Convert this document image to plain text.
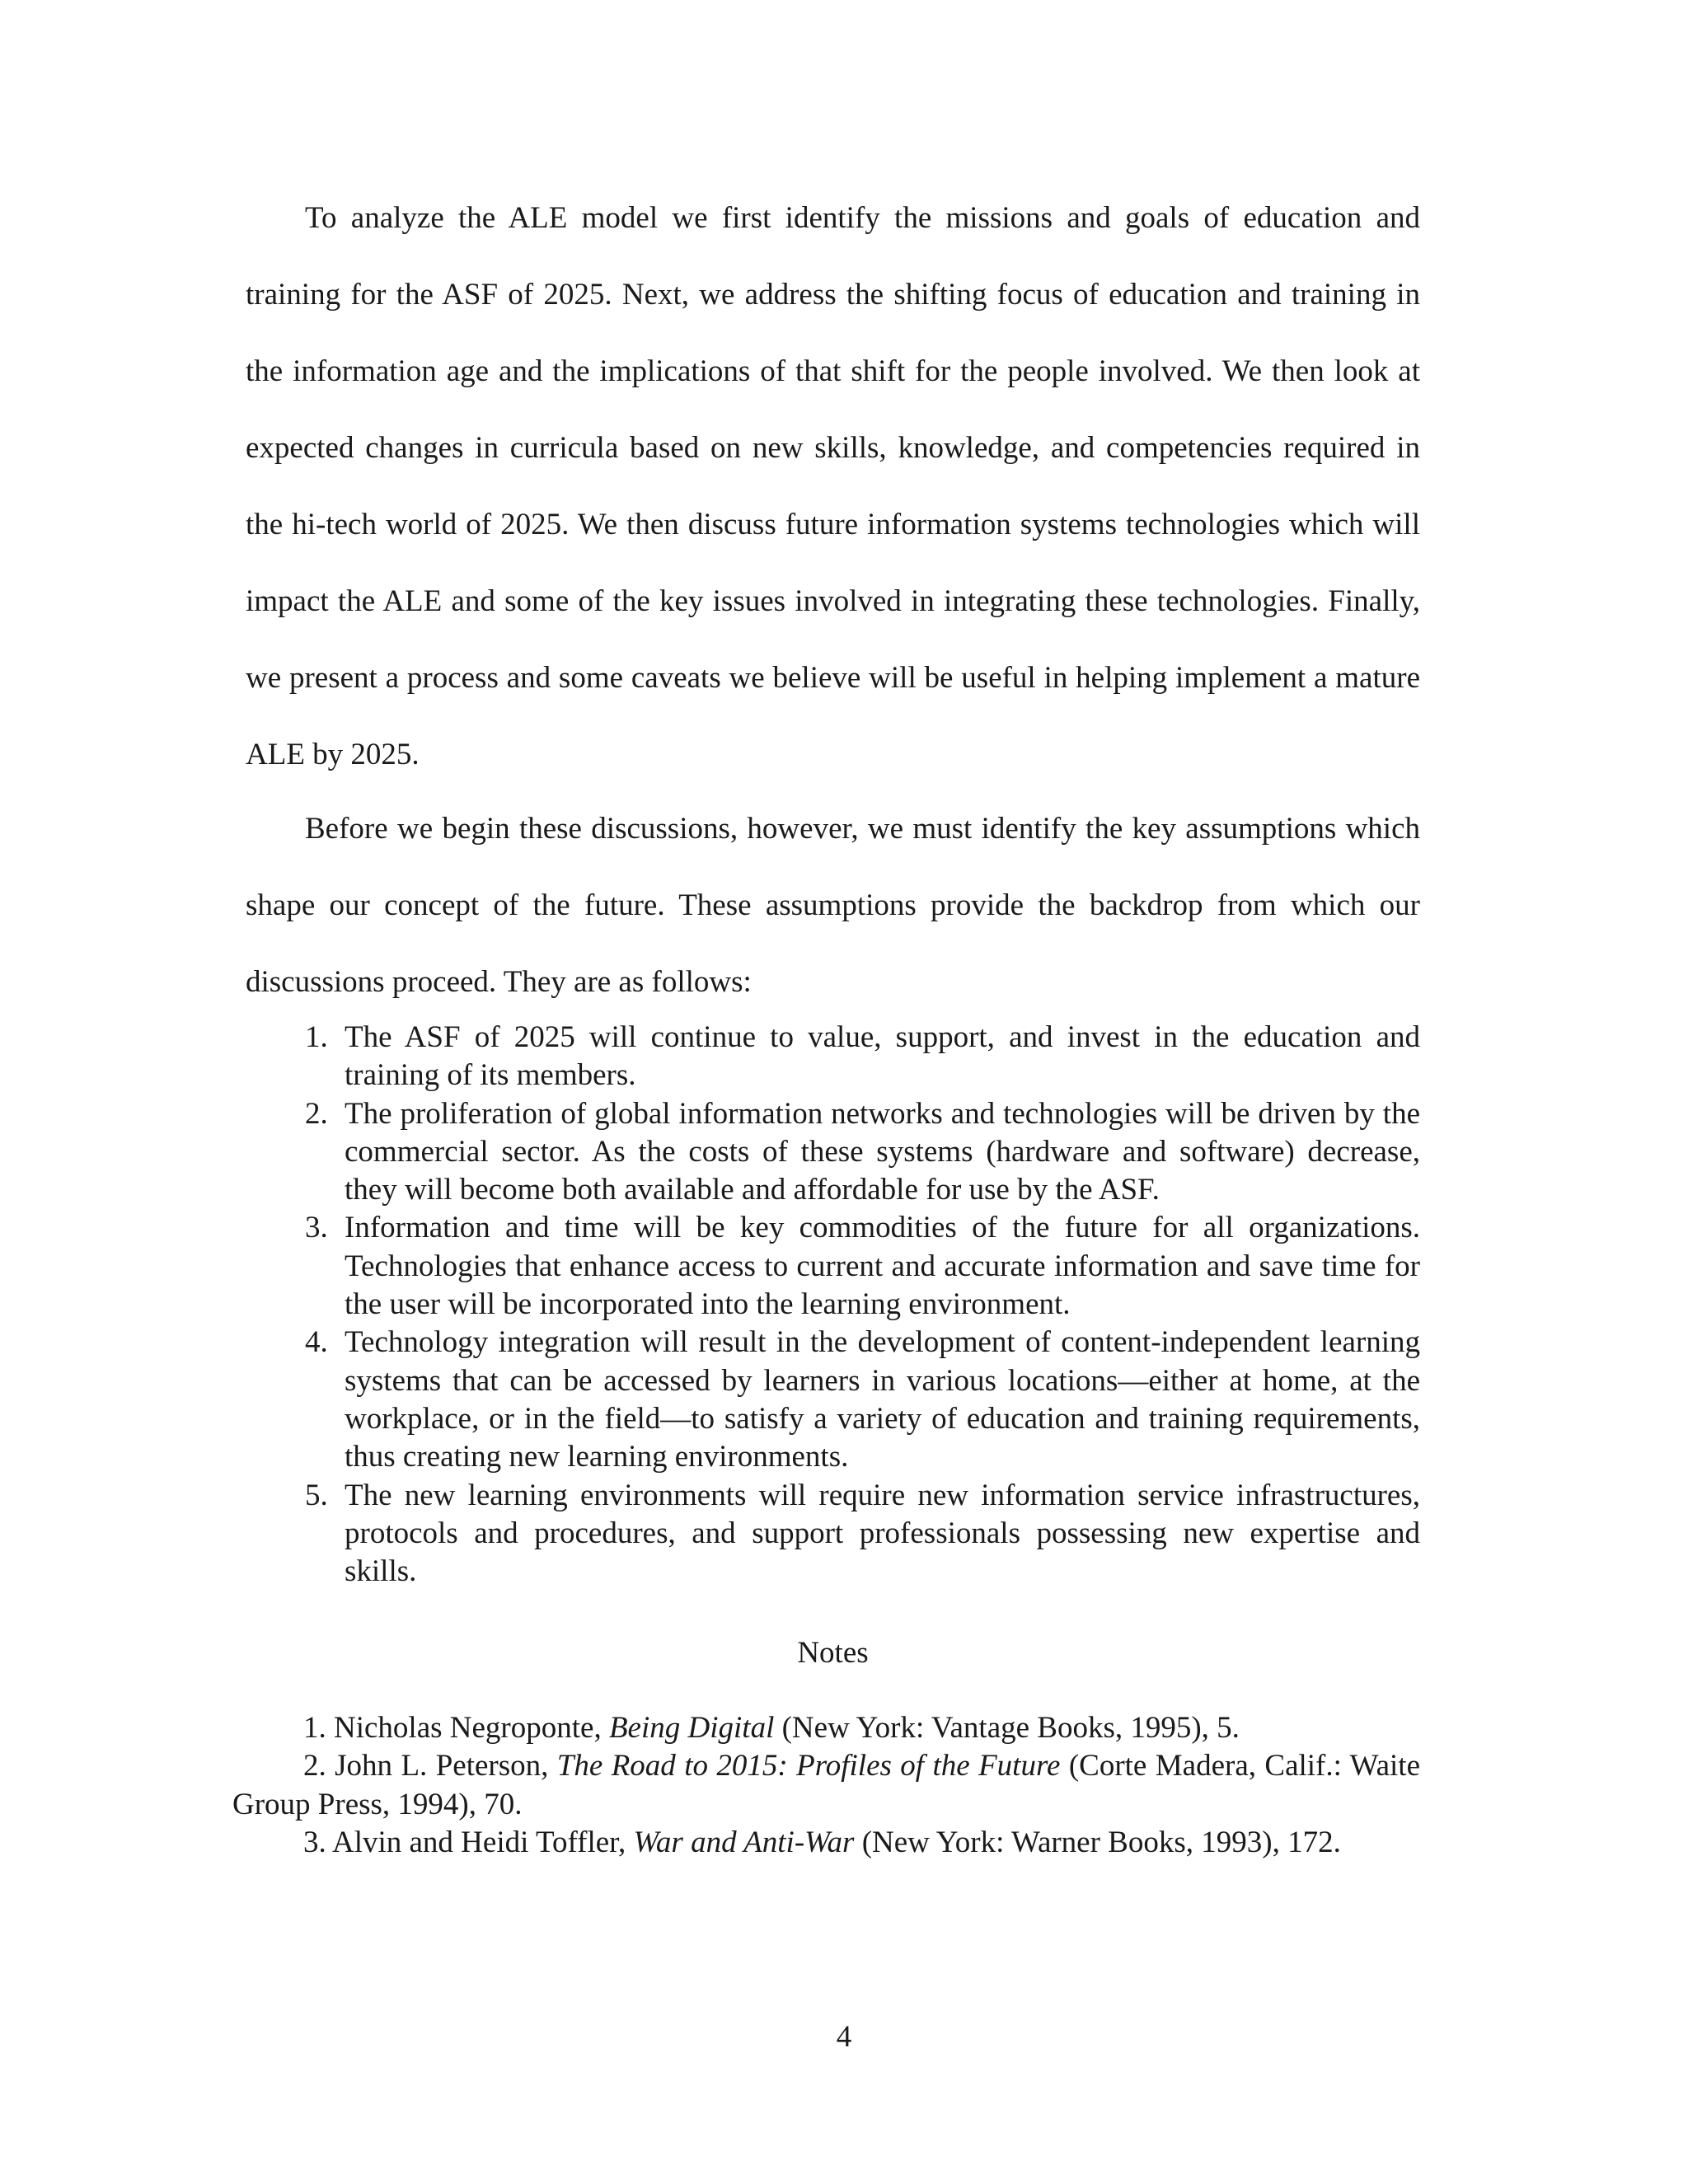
To analyze the ALE model we first identify the missions and goals of education and training for the ASF of 2025. Next, we address the shifting focus of education and training in the information age and the implications of that shift for the people involved. We then look at expected changes in curricula based on new skills, knowledge, and competencies required in the hi-tech world of 2025. We then discuss future information systems technologies which will impact the ALE and some of the key issues involved in integrating these technologies. Finally, we present a process and some caveats we believe will be useful in helping implement a mature ALE by 2025.

Before we begin these discussions, however, we must identify the key assumptions which shape our concept of the future. These assumptions provide the backdrop from which our discussions proceed. They are as follows:

1. The ASF of 2025 will continue to value, support, and invest in the education and training of its members.
2. The proliferation of global information networks and technologies will be driven by the commercial sector. As the costs of these systems (hardware and software) decrease, they will become both available and affordable for use by the ASF.
3. Information and time will be key commodities of the future for all organizations. Technologies that enhance access to current and accurate information and save time for the user will be incorporated into the learning environment.
4. Technology integration will result in the development of content-independent learning systems that can be accessed by learners in various locations—either at home, at the workplace, or in the field—to satisfy a variety of education and training requirements, thus creating new learning environments.
5. The new learning environments will require new information service infrastructures, protocols and procedures, and support professionals possessing new expertise and skills.
Notes
1. Nicholas Negroponte, Being Digital (New York: Vantage Books, 1995), 5.
2. John L. Peterson, The Road to 2015: Profiles of the Future (Corte Madera, Calif.: Waite Group Press, 1994), 70.
3. Alvin and Heidi Toffler, War and Anti-War (New York: Warner Books, 1993), 172.
4
